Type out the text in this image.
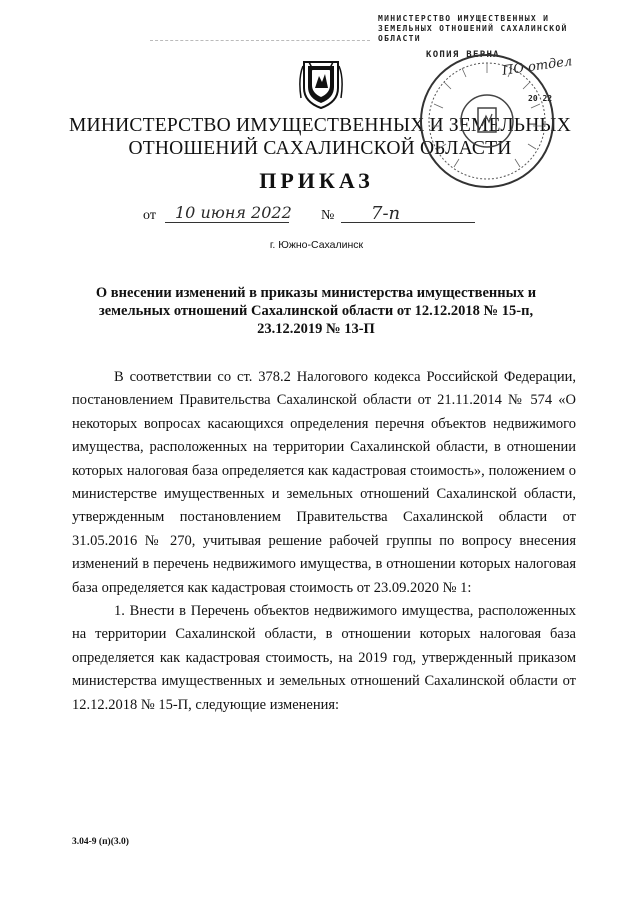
МИНИСТЕРСТВО ИМУЩЕСТВЕННЫХ И
ЗЕМЕЛЬНЫХ ОТНОШЕНИЙ САХАЛИНСКОЙ
ОБЛАСТИ
КОПИЯ ВЕРНА ПО отдел
20 22
МИНИСТЕРСТВО ИМУЩЕСТВЕННЫХ И ЗЕМЕЛЬНЫХ
ОТНОШЕНИЙ САХАЛИНСКОЙ ОБЛАСТИ
ПРИКАЗ
от 10 июня 2022 № 7-п
г. Южно-Сахалинск
О внесении изменений в приказы министерства имущественных и
земельных отношений Сахалинской области от 12.12.2018 № 15-п,
23.12.2019 № 13-П

В соответствии со ст. 378.2 Налогового кодекса Российской Федерации, постановлением Правительства Сахалинской области от 21.11.2014 № 574 «О некоторых вопросах касающихся определения перечня объектов недвижимого имущества, расположенных на территории Сахалинской области, в отношении которых налоговая база определяется как кадастровая стоимость», положением о министерстве имущественных и земельных отношений Сахалинской области, утвержденным постановлением Правительства Сахалинской области от 31.05.2016 № 270, учитывая решение рабочей группы по вопросу внесения изменений в перечень недвижимого имущества, в отношении которых налоговая база определяется как кадастровая стоимость от 23.09.2020 № 1:

1. Внести в Перечень объектов недвижимого имущества, расположенных на территории Сахалинской области, в отношении которых налоговая база определяется как кадастровая стоимость, на 2019 год, утвержденный приказом министерства имущественных и земельных отношений Сахалинской области от 12.12.2018 № 15-П, следующие изменения:

3.04-9 (п)(3.0)
